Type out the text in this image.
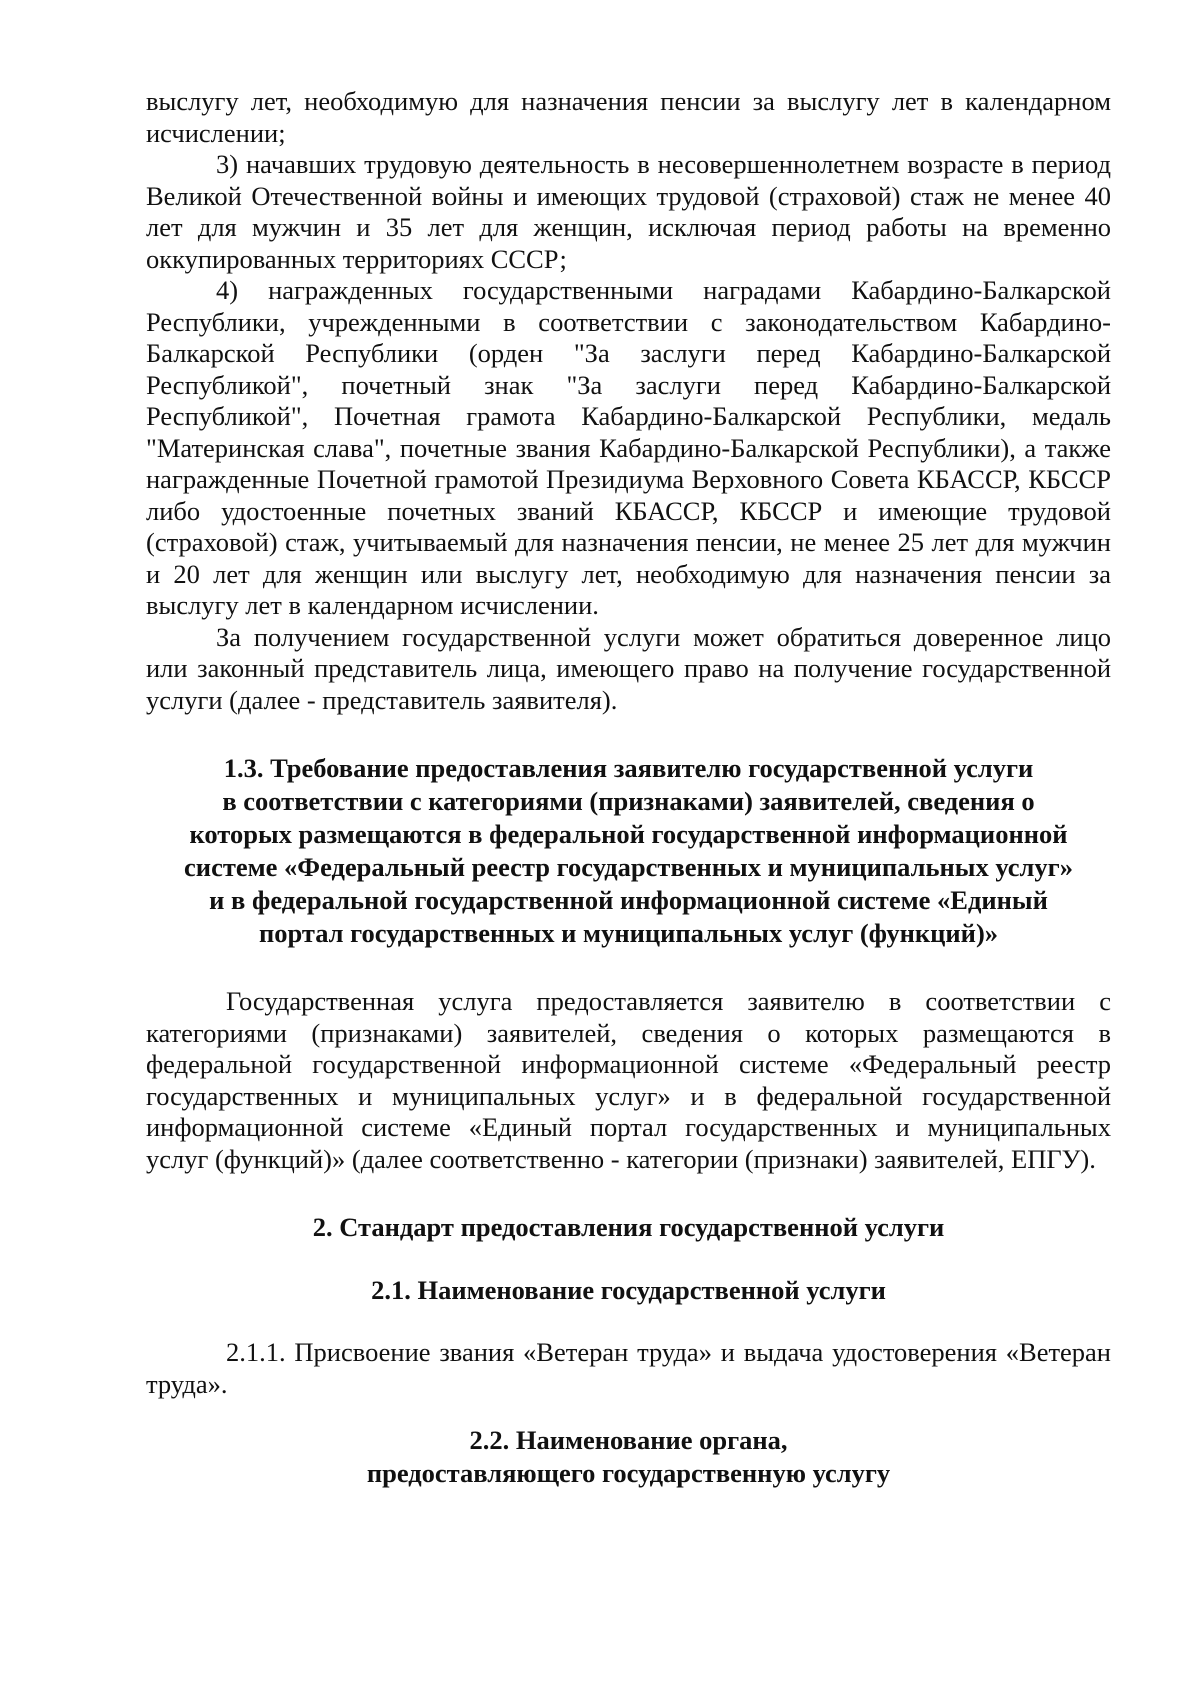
выслугу лет, необходимую для назначения пенсии за выслугу лет в календарном исчислении;

3) начавших трудовую деятельность в несовершеннолетнем возрасте в период Великой Отечественной войны и имеющих трудовой (страховой) стаж не менее 40 лет для мужчин и 35 лет для женщин, исключая период работы на временно оккупированных территориях СССР;

4) награжденных государственными наградами Кабардино-Балкарской Республики, учрежденными в соответствии с законодательством Кабардино-Балкарской Республики (орден "За заслуги перед Кабардино-Балкарской Республикой", почетный знак "За заслуги перед Кабардино-Балкарской Республикой", Почетная грамота Кабардино-Балкарской Республики, медаль "Материнская слава", почетные звания Кабардино-Балкарской Республики), а также награжденные Почетной грамотой Президиума Верховного Совета КБАССР, КБССР либо удостоенные почетных званий КБАССР, КБССР и имеющие трудовой (страховой) стаж, учитываемый для назначения пенсии, не менее 25 лет для мужчин и 20 лет для женщин или выслугу лет, необходимую для назначения пенсии за выслугу лет в календарном исчислении.

За получением государственной услуги может обратиться доверенное лицо или законный представитель лица, имеющего право на получение государственной услуги (далее - представитель заявителя).

1.3. Требование предоставления заявителю государственной услуги
в соответствии с категориями (признаками) заявителей, сведения о
которых размещаются в федеральной государственной информационной
системе «Федеральный реестр государственных и муниципальных услуг»
и в федеральной государственной информационной системе «Единый
портал государственных и муниципальных услуг (функций)»

Государственная услуга предоставляется заявителю в соответствии с категориями (признаками) заявителей, сведения о которых размещаются в федеральной государственной информационной системе «Федеральный реестр государственных и муниципальных услуг» и в федеральной государственной информационной системе «Единый портал государственных и муниципальных услуг (функций)» (далее соответственно - категории (признаки) заявителей, ЕПГУ).

2. Стандарт предоставления государственной услуги
2.1. Наименование государственной услуги

2.1.1. Присвоение звания «Ветеран труда» и выдача удостоверения «Ветеран труда».

2.2. Наименование органа,
предоставляющего государственную услугу
